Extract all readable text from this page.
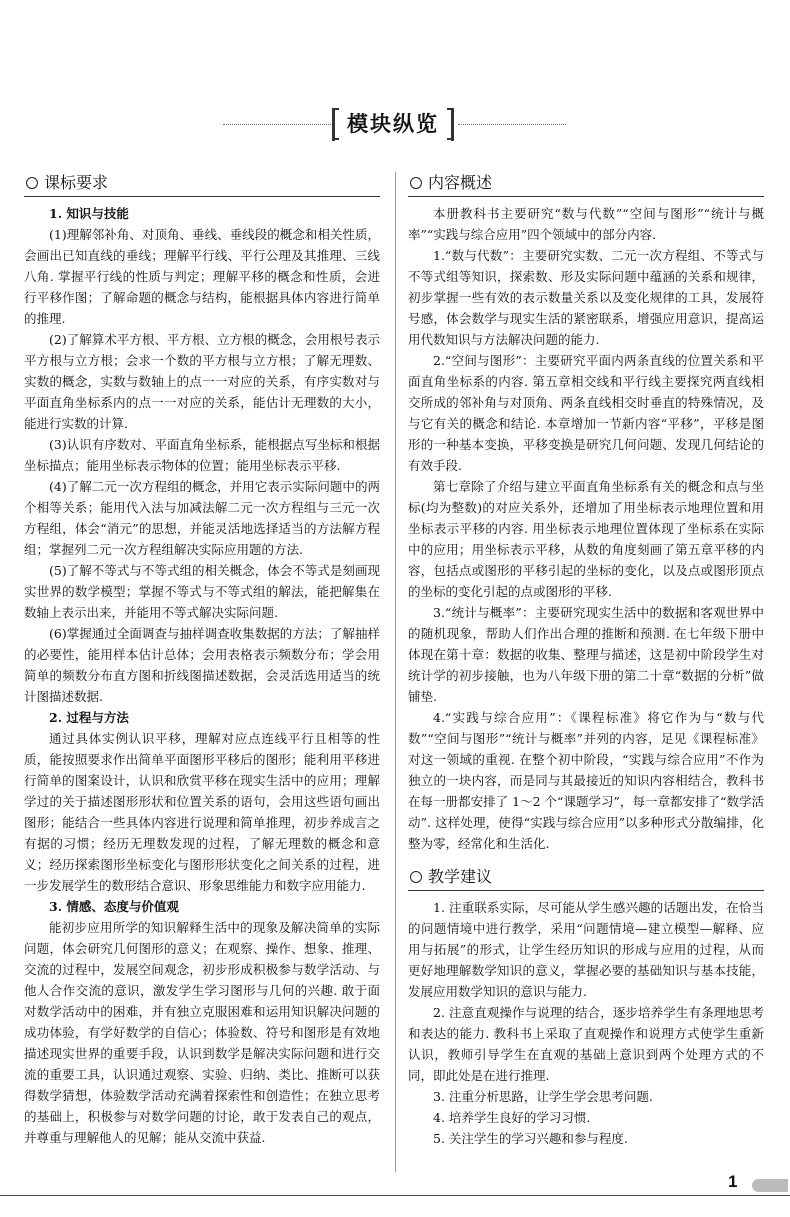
模块纵览
课标要求

1. 知识与技能

(1)理解邻补角、对顶角、垂线、垂线段的概念和相关性质，会画出已知直线的垂线；理解平行线、平行公理及其推理、三线八角. 掌握平行线的性质与判定；理解平移的概念和性质，会进行平移作图；了解命题的概念与结构，能根据具体内容进行简单的推理.

(2)了解算术平方根、平方根、立方根的概念，会用根号表示平方根与立方根；会求一个数的平方根与立方根；了解无理数、实数的概念，实数与数轴上的点一一对应的关系，有序实数对与平面直角坐标系内的点一一对应的关系，能估计无理数的大小，能进行实数的计算.

(3)认识有序数对、平面直角坐标系，能根据点写坐标和根据坐标描点；能用坐标表示物体的位置；能用坐标表示平移.

(4)了解二元一次方程组的概念，并用它表示实际问题中的两个相等关系；能用代入法与加减法解二元一次方程组与三元一次方程组，体会“消元”的思想，并能灵活地选择适当的方法解方程组；掌握列二元一次方程组解决实际应用题的方法.

(5)了解不等式与不等式组的相关概念，体会不等式是刻画现实世界的数学模型；掌握不等式与不等式组的解法，能把解集在数轴上表示出来，并能用不等式解决实际问题.

(6)掌握通过全面调查与抽样调查收集数据的方法；了解抽样的必要性，能用样本估计总体；会用表格表示频数分布；学会用简单的频数分布直方图和折线图描述数据，会灵活选用适当的统计图描述数据.

2. 过程与方法

通过具体实例认识平移，理解对应点连线平行且相等的性质，能按照要求作出简单平面图形平移后的图形；能利用平移进行简单的图案设计，认识和欣赏平移在现实生活中的应用；理解学过的关于描述图形形状和位置关系的语句，会用这些语句画出图形；能结合一些具体内容进行说理和简单推理，初步养成言之有据的习惯；经历无理数发现的过程，了解无理数的概念和意义；经历探索图形坐标变化与图形形状变化之间关系的过程，进一步发展学生的数形结合意识、形象思维能力和数字应用能力.

3. 情感、态度与价值观

能初步应用所学的知识解释生活中的现象及解决简单的实际问题，体会研究几何图形的意义；在观察、操作、想象、推理、交流的过程中，发展空间观念，初步形成积极参与数学活动、与他人合作交流的意识，激发学生学习图形与几何的兴趣. 敢于面对数学活动中的困难，并有独立克服困难和运用知识解决问题的成功体验，有学好数学的自信心；体验数、符号和图形是有效地描述现实世界的重要手段，认识到数学是解决实际问题和进行交流的重要工具，认识通过观察、实验、归纳、类比、推断可以获得数学猜想，体验数学活动充满着探索性和创造性；在独立思考的基础上，积极参与对数学问题的讨论，敢于发表自己的观点，并尊重与理解他人的见解；能从交流中获益.

内容概述

本册教科书主要研究“数与代数”“空间与图形”“统计与概率”“实践与综合应用”四个领域中的部分内容.

1.“数与代数”：主要研究实数、二元一次方程组、不等式与不等式组等知识，探索数、形及实际问题中蕴涵的关系和规律，初步掌握一些有效的表示数量关系以及变化规律的工具，发展符号感，体会数学与现实生活的紧密联系，增强应用意识，提高运用代数知识与方法解决问题的能力.

2.“空间与图形”：主要研究平面内两条直线的位置关系和平面直角坐标系的内容. 第五章相交线和平行线主要探究两直线相交所成的邻补角与对顶角、两条直线相交时垂直的特殊情况，及与它有关的概念和结论. 本章增加一节新内容“平移”，平移是图形的一种基本变换，平移变换是研究几何问题、发现几何结论的有效手段.

第七章除了介绍与建立平面直角坐标系有关的概念和点与坐标(均为整数)的对应关系外，还增加了用坐标表示地理位置和用坐标表示平移的内容. 用坐标表示地理位置体现了坐标系在实际中的应用；用坐标表示平移，从数的角度刻画了第五章平移的内容，包括点或图形的平移引起的坐标的变化，以及点或图形顶点的坐标的变化引起的点或图形的平移.

3.“统计与概率”：主要研究现实生活中的数据和客观世界中的随机现象，帮助人们作出合理的推断和预测. 在七年级下册中体现在第十章：数据的收集、整理与描述，这是初中阶段学生对统计学的初步接触，也为八年级下册的第二十章“数据的分析”做铺垫.

4.“实践与综合应用”：《课程标准》将它作为与“数与代数”“空间与图形”“统计与概率”并列的内容，足见《课程标准》对这一领域的重视. 在整个初中阶段，“实践与综合应用”不作为独立的一块内容，而是同与其最接近的知识内容相结合，教科书在每一册都安排了 1～2 个“课题学习”，每一章都安排了“数学活动”. 这样处理，使得“实践与综合应用”以多种形式分散编排，化整为零，经常化和生活化.

教学建议

1. 注重联系实际，尽可能从学生感兴趣的话题出发，在恰当的问题情境中进行教学，采用“问题情境—建立模型—解释、应用与拓展”的形式，让学生经历知识的形成与应用的过程，从而更好地理解数学知识的意义，掌握必要的基础知识与基本技能，发展应用数学知识的意识与能力.

2. 注意直观操作与说理的结合，逐步培养学生有条理地思考和表达的能力. 教科书上采取了直观操作和说理方式使学生重新认识，教师引导学生在直观的基础上意识到两个处理方式的不同，即此处是在进行推理.

3. 注重分析思路，让学生学会思考问题.

4. 培养学生良好的学习习惯.

5. 关注学生的学习兴趣和参与程度.

1
